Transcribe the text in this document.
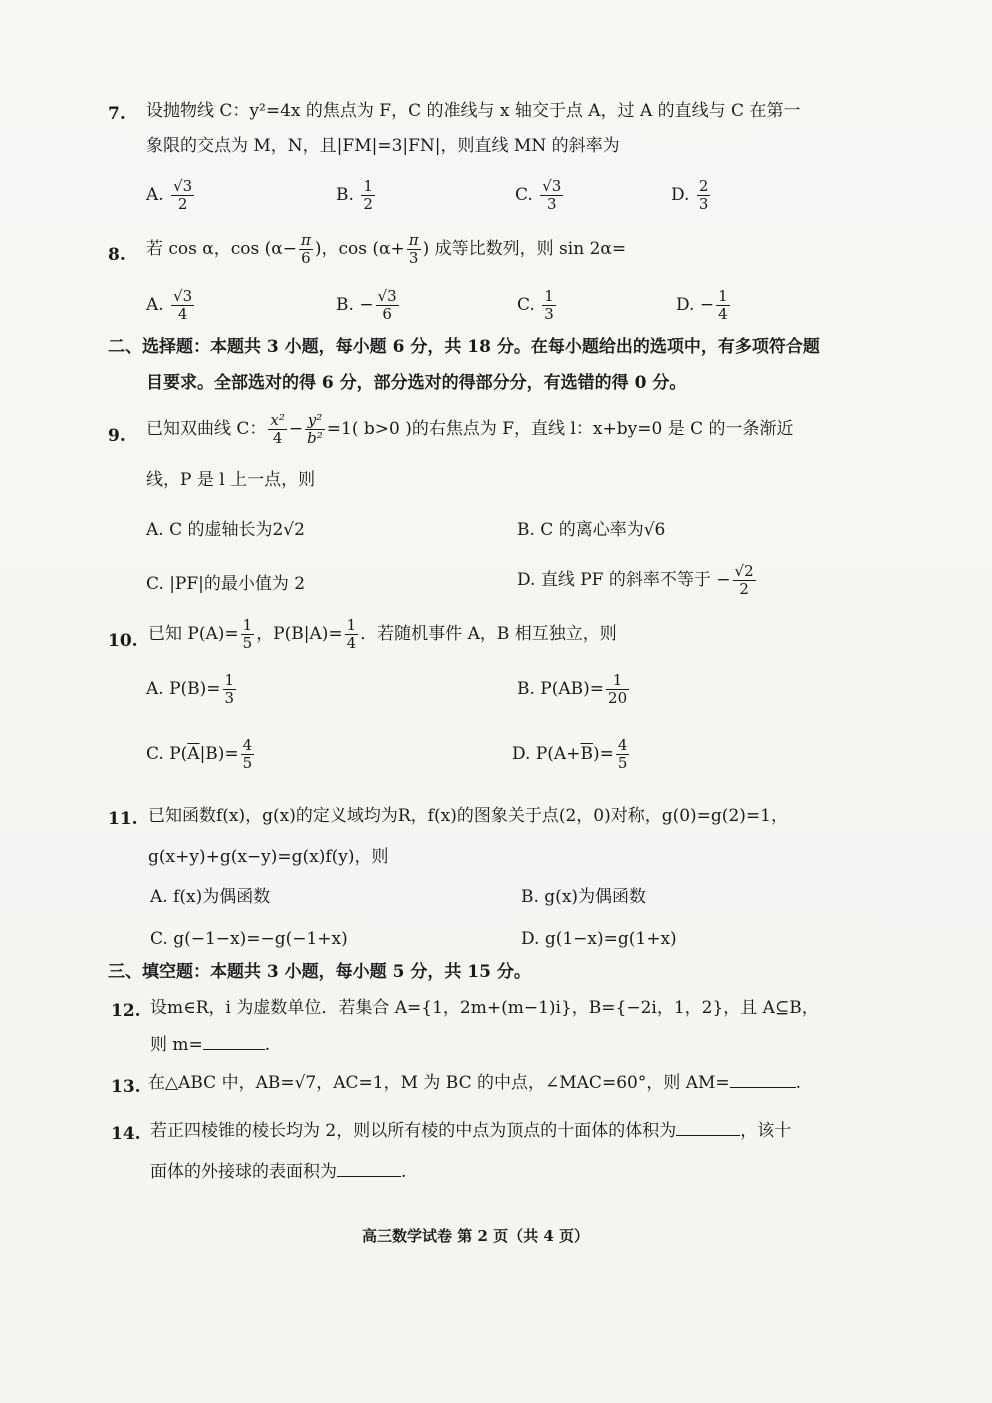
7. 设抛物线 C：y²=4x 的焦点为 F，C 的准线与 x 轴交于点 A，过 A 的直线与 C 在第一
象限的交点为 M，N，且|FM|=3|FN|，则直线 MN 的斜率为
A. $\frac{√3}{2}$	B. $\frac{1}{2}$	C. $\frac{√3}{3}$	D. $\frac{2}{3}$
8. 若 cos α，$\cos (\alpha- \frac{\pi}{6}$ )，$\cos (\alpha+ \frac{\pi}{3}$ ) 成等比数列，则 sin 2α=
A. $\frac{√3}{4}$	B. − $\frac{√3}{6}$	C. $\frac{1}{3}$	D. − $\frac{1}{4}$
二、选择题：本题共 3 小题，每小题 6 分，共 18 分。在每小题给出的选项中，有多项符合题
目要求。全部选对的得 6 分，部分选对的得部分分，有选错的得 0 分。
9. 已知双曲线 C： $\frac{\text{x²}}{4} - \frac{\text{y²}}{\text{b²}} =1$( b>0 )的右焦点为 F，直线 l：x+by=0 是 C 的一条渐近
线，P 是 l 上一点，则
A. C 的虚轴长为2√2	B. C 的离心率为√6
C. |PF|的最小值为 2	D. 直线 PF 的斜率不等于 − $\frac{√2}{2}$
10. 已知 $P(A)= \frac{1}{5}$ ，$P(B|A)= \frac{1}{4}$ ．若随机事件 A，B 相互独立，则
A. $P(B)= \frac{1}{3}$	B. $P(AB)= \frac{1}{20}$
C. $P(\overline{A}|B)= \frac{4}{5}$	D. $P(A+\overline{B})= \frac{4}{5}$
11. 已知函数f(x)，g(x)的定义域均为R，f(x)的图象关于点(2，0)对称，g(0)=g(2)=1，
g(x+y)+g(x−y)=g(x)f(y)，则
A. f(x)为偶函数	B. g(x)为偶函数
C. g(−1−x)=−g(−1+x)	D. g(1−x)=g(1+x)
三、填空题：本题共 3 小题，每小题 5 分，共 15 分。
12. 设m∈R，i 为虚数单位．若集合 A={1，2m+(m−1)i}，B={−2i，1，2}，且 A⊆B，
则 m=	.
13. 在△ABC 中，AB=√7，AC=1，M 为 BC 的中点，∠MAC=60°，则 AM=	.
14. 若正四棱锥的棱长均为 2，则以所有棱的中点为顶点的十面体的体积为	，该十
面体的外接球的表面积为	.
高三数学试卷 第 2 页（共 4 页）
